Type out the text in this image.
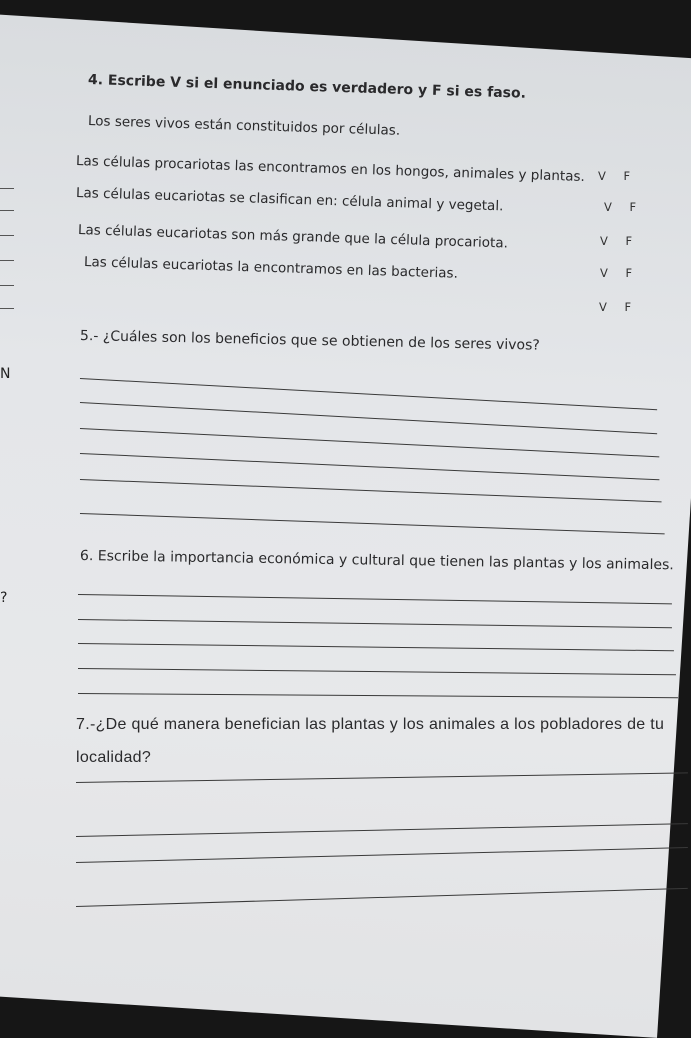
4. Escribe V si el enunciado es verdadero y F si es faso.
Los seres vivos están constituidos por células.
Las células procariotas las encontramos en los hongos, animales y plantas.
Las células eucariotas se clasifican en: célula animal y vegetal.
Las células eucariotas son más grande que la célula procariota.
Las células eucariotas la encontramos en las bacterias.
V F
V F
V F
V F
V F
5.- ¿Cuáles son los beneficios que se obtienen de los seres vivos?
N
6. Escribe la importancia económica y cultural que tienen las plantas y los animales.
?
7.-¿De qué manera benefician las plantas y los animales a los pobladores de tu
localidad?
